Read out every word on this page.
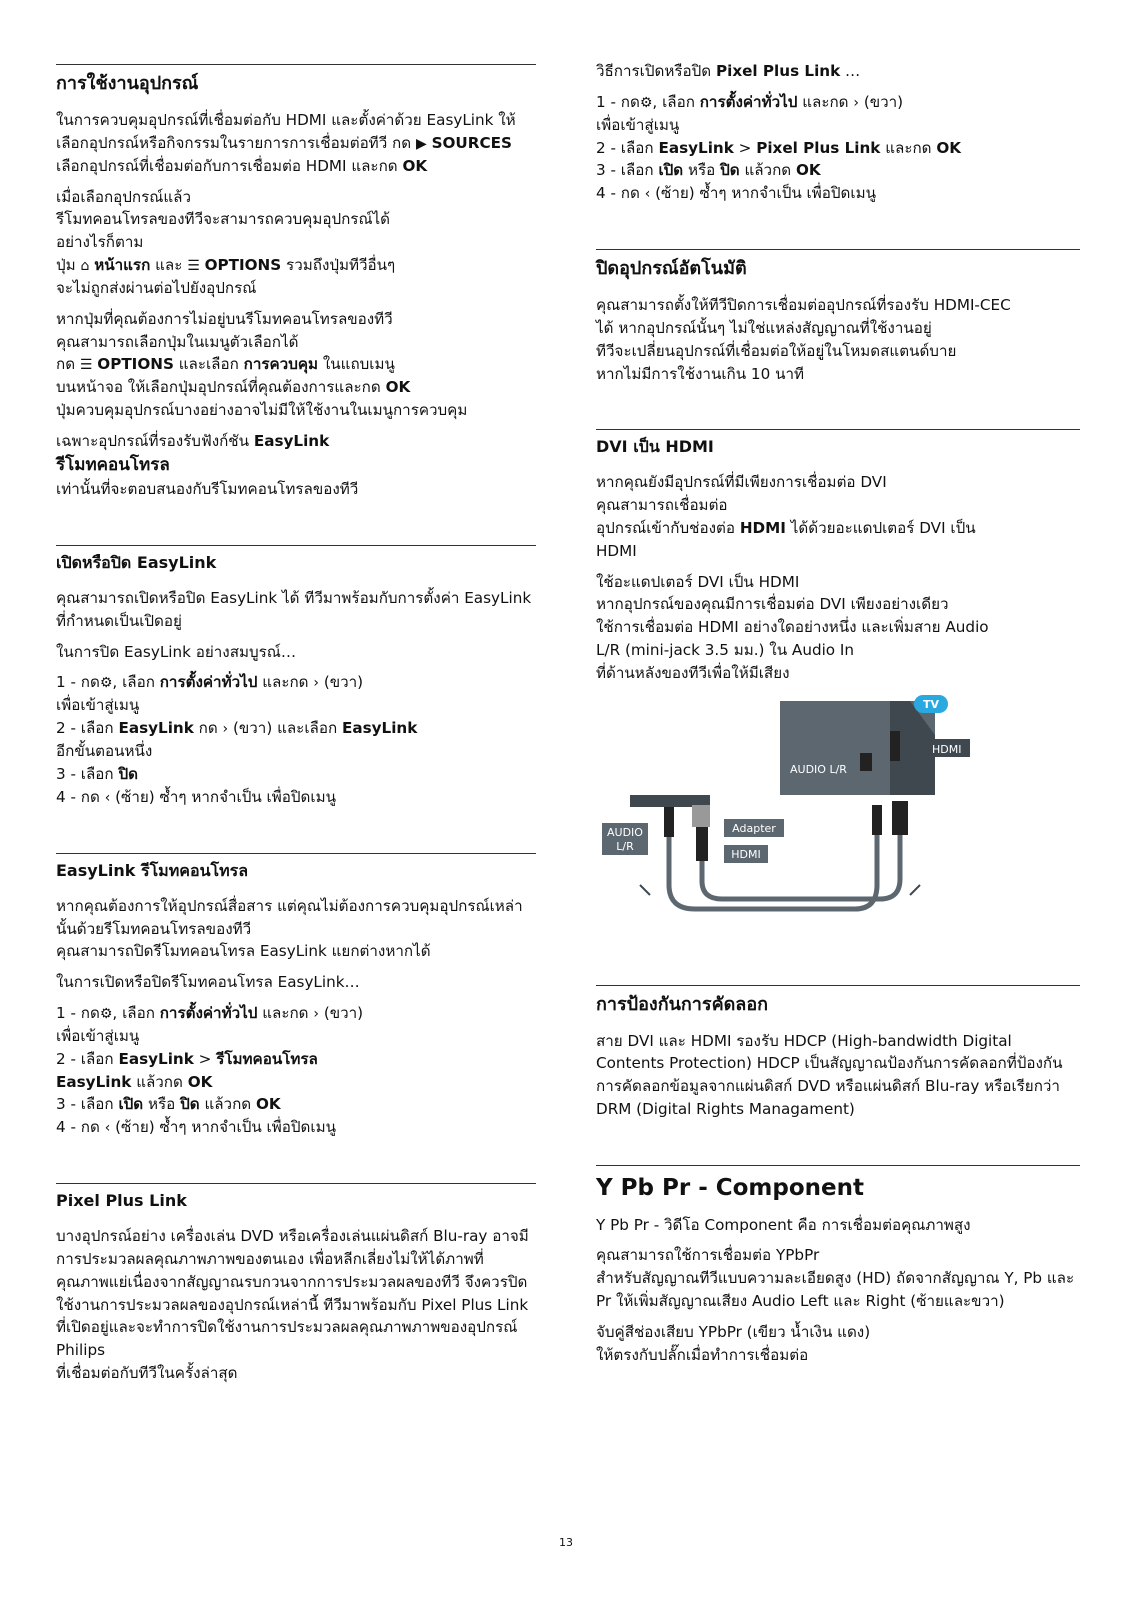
การใช้งานอุปกรณ์

ในการควบคุมอุปกรณ์ที่เชื่อมต่อกับ HDMI และตั้งค่าด้วย EasyLink ให้เลือกอุปกรณ์หรือกิจกรรมในรายการการเชื่อมต่อทีวี กด ▶︎ SOURCES เลือกอุปกรณ์ที่เชื่อมต่อกับการเชื่อมต่อ HDMI และกด OK

เมื่อเลือกอุปกรณ์แล้ว
รีโมทคอนโทรลของทีวีจะสามารถควบคุมอุปกรณ์ได้
อย่างไรก็ตาม
ปุ่ม ⌂ หน้าแรก และ ☰ OPTIONS รวมถึงปุ่มทีวีอื่นๆ
จะไม่ถูกส่งผ่านต่อไปยังอุปกรณ์

หากปุ่มที่คุณต้องการไม่อยู่บนรีโมทคอนโทรลของทีวี
คุณสามารถเลือกปุ่มในเมนูตัวเลือกได้
กด ☰ OPTIONS และเลือก การควบคุม ในแถบเมนู
บนหน้าจอ ให้เลือกปุ่มอุปกรณ์ที่คุณต้องการและกด OK
ปุ่มควบคุมอุปกรณ์บางอย่างอาจไม่มีให้ใช้งานในเมนูการควบคุม

เฉพาะอุปกรณ์ที่รองรับฟังก์ชัน EasyLink
รีโมทคอนโทรล
เท่านั้นที่จะตอบสนองกับรีโมทคอนโทรลของทีวี

เปิดหรือปิด EasyLink

คุณสามารถเปิดหรือปิด EasyLink ได้ ทีวีมาพร้อมกับการตั้งค่า EasyLink ที่กำหนดเป็นเปิดอยู่

ในการปิด EasyLink อย่างสมบูรณ์…

1 - กด⚙, เลือก การตั้งค่าทั่วไป และกด › (ขวา)
เพื่อเข้าสู่เมนู
2 - เลือก EasyLink กด › (ขวา) และเลือก EasyLink
อีกขั้นตอนหนึ่ง
3 - เลือก ปิด
4 - กด ‹ (ซ้าย) ซ้ำๆ หากจำเป็น เพื่อปิดเมนู

EasyLink รีโมทคอนโทรล

หากคุณต้องการให้อุปกรณ์สื่อสาร แต่คุณไม่ต้องการควบคุมอุปกรณ์เหล่านั้นด้วยรีโมทคอนโทรลของทีวี
คุณสามารถปิดรีโมทคอนโทรล EasyLink แยกต่างหากได้

ในการเปิดหรือปิดรีโมทคอนโทรล EasyLink…

1 - กด⚙, เลือก การตั้งค่าทั่วไป และกด › (ขวา)
เพื่อเข้าสู่เมนู
2 - เลือก EasyLink > รีโมทคอนโทรล
EasyLink แล้วกด OK
3 - เลือก เปิด หรือ ปิด แล้วกด OK
4 - กด ‹ (ซ้าย) ซ้ำๆ หากจำเป็น เพื่อปิดเมนู

Pixel Plus Link

บางอุปกรณ์อย่าง เครื่องเล่น DVD หรือเครื่องเล่นแผ่นดิสก์ Blu-ray อาจมีการประมวลผลคุณภาพภาพของตนเอง เพื่อหลีกเลี่ยงไม่ให้ได้ภาพที่คุณภาพแย่เนื่องจากสัญญาณรบกวนจากการประมวลผลของทีวี จึงควรปิดใช้งานการประมวลผลของอุปกรณ์เหล่านี้ ทีวีมาพร้อมกับ Pixel Plus Link ที่เปิดอยู่และจะทำการปิดใช้งานการประมวลผลคุณภาพภาพของอุปกรณ์ Philips
ที่เชื่อมต่อกับทีวีในครั้งล่าสุด

วิธีการเปิดหรือปิด Pixel Plus Link …

1 - กด⚙, เลือก การตั้งค่าทั่วไป และกด › (ขวา)
เพื่อเข้าสู่เมนู
2 - เลือก EasyLink > Pixel Plus Link และกด OK
3 - เลือก เปิด หรือ ปิด แล้วกด OK
4 - กด ‹ (ซ้าย) ซ้ำๆ หากจำเป็น เพื่อปิดเมนู

ปิดอุปกรณ์อัตโนมัติ

คุณสามารถตั้งให้ทีวีปิดการเชื่อมต่ออุปกรณ์ที่รองรับ HDMI-CEC
ได้ หากอุปกรณ์นั้นๆ ไม่ใช่แหล่งสัญญาณที่ใช้งานอยู่
ทีวีจะเปลี่ยนอุปกรณ์ที่เชื่อมต่อให้อยู่ในโหมดสแตนด์บาย
หากไม่มีการใช้งานเกิน 10 นาที

DVI เป็น HDMI

หากคุณยังมีอุปกรณ์ที่มีเพียงการเชื่อมต่อ DVI
คุณสามารถเชื่อมต่อ
อุปกรณ์เข้ากับช่องต่อ HDMI ได้ด้วยอะแดปเตอร์ DVI เป็น
HDMI

ใช้อะแดปเตอร์ DVI เป็น HDMI
หากอุปกรณ์ของคุณมีการเชื่อมต่อ DVI เพียงอย่างเดียว
ใช้การเชื่อมต่อ HDMI อย่างใดอย่างหนึ่ง และเพิ่มสาย Audio
L/R (mini-jack 3.5 มม.) ใน Audio In
ที่ด้านหลังของทีวีเพื่อให้มีเสียง

TV
HDMI
AUDIO L/R
AUDIO
L/R
Adapter
HDMI
การป้องกันการคัดลอก

สาย DVI และ HDMI รองรับ HDCP (High-bandwidth Digital Contents Protection) HDCP เป็นสัญญาณป้องกันการคัดลอกที่ป้องกันการคัดลอกข้อมูลจากแผ่นดิสก์ DVD หรือแผ่นดิสก์ Blu-ray หรือเรียกว่า DRM (Digital Rights Managament)

Y Pb Pr - Component

Y Pb Pr - วิดีโอ Component คือ การเชื่อมต่อคุณภาพสูง

คุณสามารถใช้การเชื่อมต่อ YPbPr
สำหรับสัญญาณทีวีแบบความละเอียดสูง (HD) ถัดจากสัญญาณ Y, Pb และ Pr ให้เพิ่มสัญญาณเสียง Audio Left และ Right (ซ้ายและขวา)

จับคู่สีช่องเสียบ YPbPr (เขียว น้ำเงิน แดง)
ให้ตรงกับปลั๊กเมื่อทำการเชื่อมต่อ

13
